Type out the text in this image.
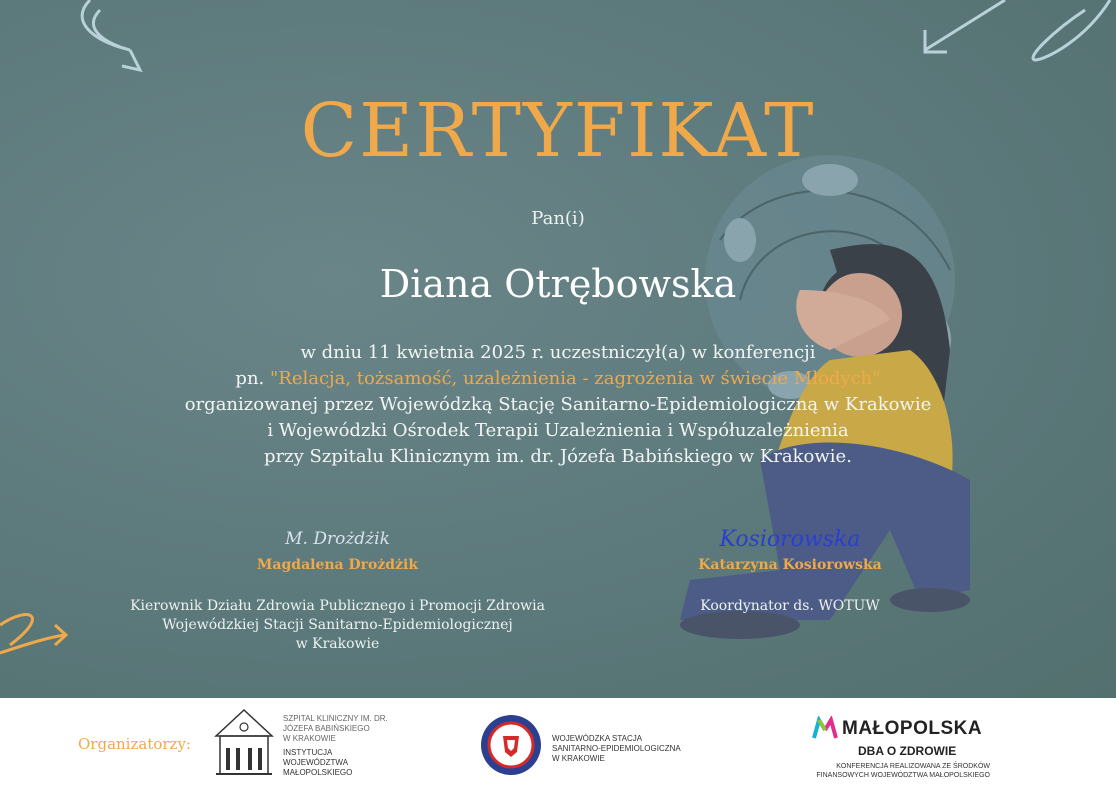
CERTYFIKAT
Pan(i)
Diana Otrębowska
w dniu 11 kwietnia 2025 r. uczestniczył(a) w konferencji
pn. "Relacja, tożsamość, uzależnienia - zagrożenia w świecie Młodych"
organizowanej przez Wojewódzką Stację Sanitarno-Epidemiologiczną w Krakowie
i Wojewódzki Ośrodek Terapii Uzależnienia i Współuzależnienia
przy Szpitalu Klinicznym im. dr. Józefa Babińskiego w Krakowie.
M. Drożdżik
Magdalena Drożdżik
Kierownik Działu Zdrowia Publicznego i Promocji Zdrowia
Wojewódzkiej Stacji Sanitarno-Epidemiologicznej
w Krakowie
Kosiorowska
Katarzyna Kosiorowska
Koordynator ds. WOTUW
Organizatorzy:
SZPITAL KLINICZNY IM. DR.
JÓZEFA BABIŃSKIEGO
W KRAKOWIE
INSTYTUCJA
WOJEWÓDZTWA
MAŁOPOLSKIEGO
WOJEWÓDZKA STACJA
SANITARNO-EPIDEMIOLOGICZNA
W KRAKOWIE
MAŁOPOLSKA
DBA O ZDROWIE
KONFERENCJA REALIZOWANA ZE ŚRODKÓW
FINANSOWYCH WOJEWÓDZTWA MAŁOPOLSKIEGO
